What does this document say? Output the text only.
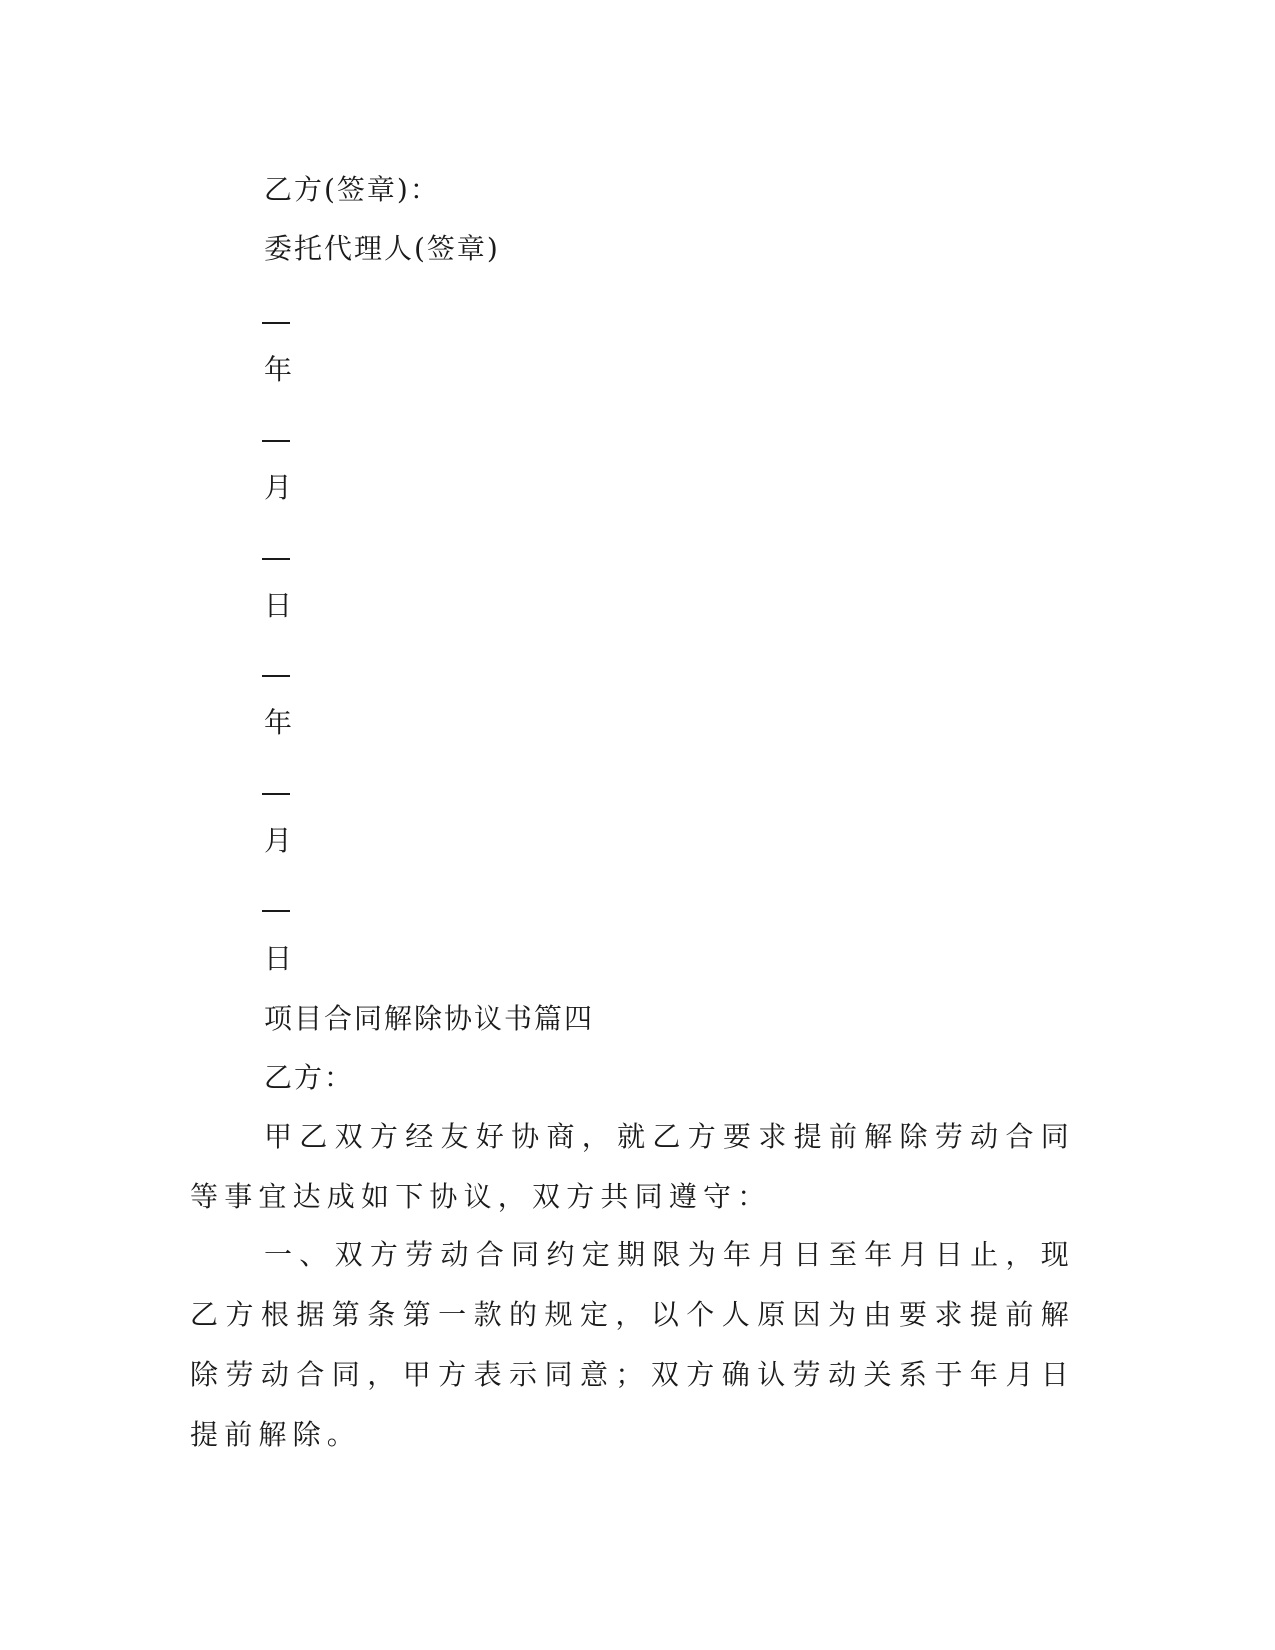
乙方(签章)：
委托代理人(签章)
年
月
日
年
月
日
项目合同解除协议书篇四
乙方：
甲乙双方经友好协商，就乙方要求提前解除劳动合同等事宜达成如下协议，双方共同遵守：
一、双方劳动合同约定期限为年月日至年月日止，现乙方根据第条第一款的规定，以个人原因为由要求提前解除劳动合同，甲方表示同意；双方确认劳动关系于年月日提前解除。
